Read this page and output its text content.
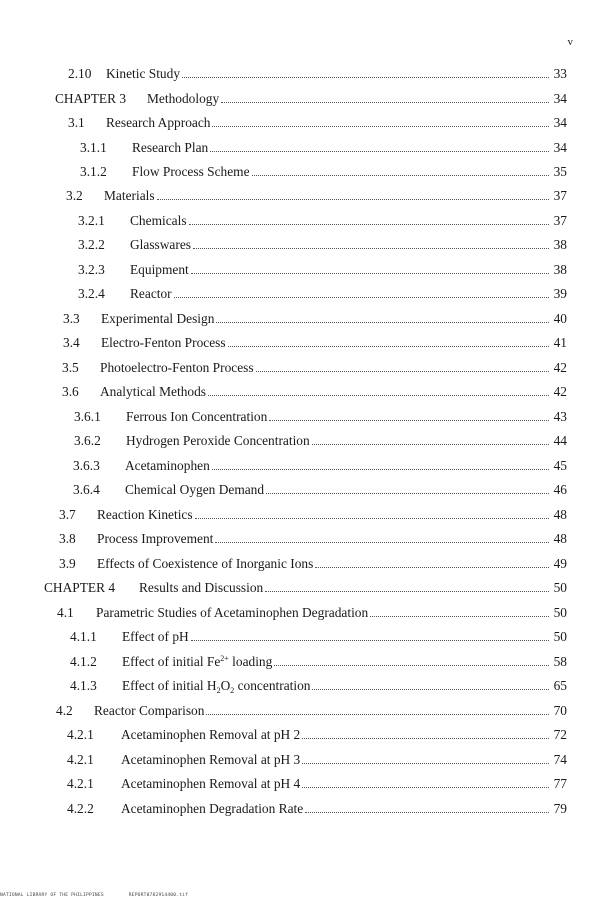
v
2.10	Kinetic Study	33
CHAPTER 3	Methodology	34
3.1	Research Approach	34
3.1.1	Research Plan	34
3.1.2	Flow Process Scheme	35
3.2	Materials	37
3.2.1	Chemicals	37
3.2.2	Glasswares	38
3.2.3	Equipment	38
3.2.4	Reactor	39
3.3	Experimental Design	40
3.4	Electro-Fenton Process	41
3.5	Photoelectro-Fenton Process	42
3.6	Analytical Methods	42
3.6.1	Ferrous Ion Concentration	43
3.6.2	Hydrogen Peroxide Concentration	44
3.6.3	Acetaminophen	45
3.6.4	Chemical Oygen Demand	46
3.7	Reaction Kinetics	48
3.8	Process Improvement	48
3.9	Effects of Coexistence of Inorganic Ions	49
CHAPTER 4	Results and Discussion	50
4.1	Parametric Studies of Acetaminophen Degradation	50
4.1.1	Effect of pH	50
4.1.2	Effect of initial $Fe^{2+}$ loading	58
4.1.3	Effect of initial $H_2O_2$ concentration	65
4.2	Reactor Comparison	70
4.2.1	Acetaminophen Removal at pH 2	72
4.2.1	Acetaminophen Removal at pH 3	74
4.2.1	Acetaminophen Removal at pH 4	77
4.2.2	Acetaminophen Degradation Rate	79
NATIONAL LIBRARY OF THE PHILIPPINES	REPORT0782914400.tif
